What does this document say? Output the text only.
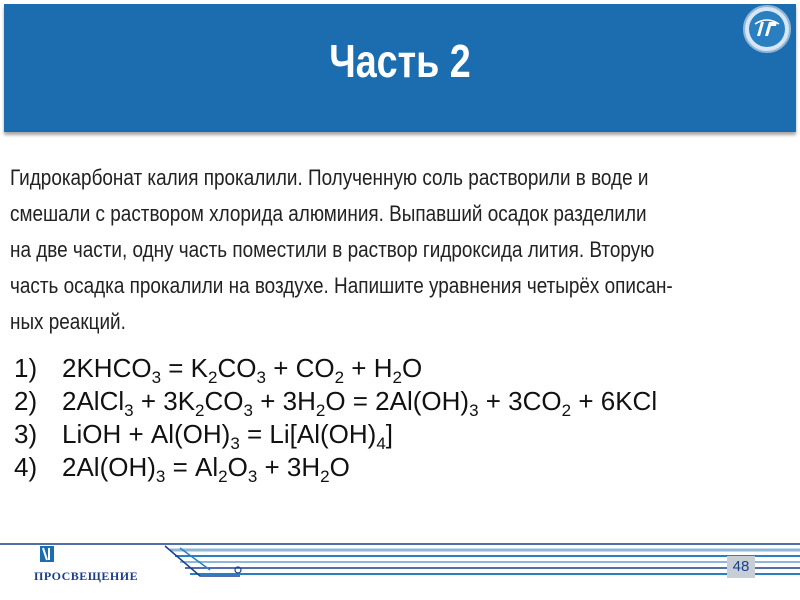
Часть 2

Гидрокарбонат калия прокалили. Полученную соль растворили в воде и

смешали с раствором хлорида алюминия. Выпавший осадок разделили

на две части, одну часть поместили в раствор гидроксида лития. Вторую

часть осадка прокалили на воздухе. Напишите уравнения четырёх описан-

ных реакций.

1) $2KHCO_3 = K_2CO_3 + CO_2 + H_2O$
2) 2AlCl$_3$ + $3K_2CO_3 + 3H_2O = 2Al(OH)_3 + 3CO_2 + 6KCl$
3) LiOH + $Al(OH)_3 = Li[Al(OH)_4]$
4) $2Al(OH)_3 = Al_2O_3 + 3H_2O$
48
ПРОСВЕЩЕНИЕ
